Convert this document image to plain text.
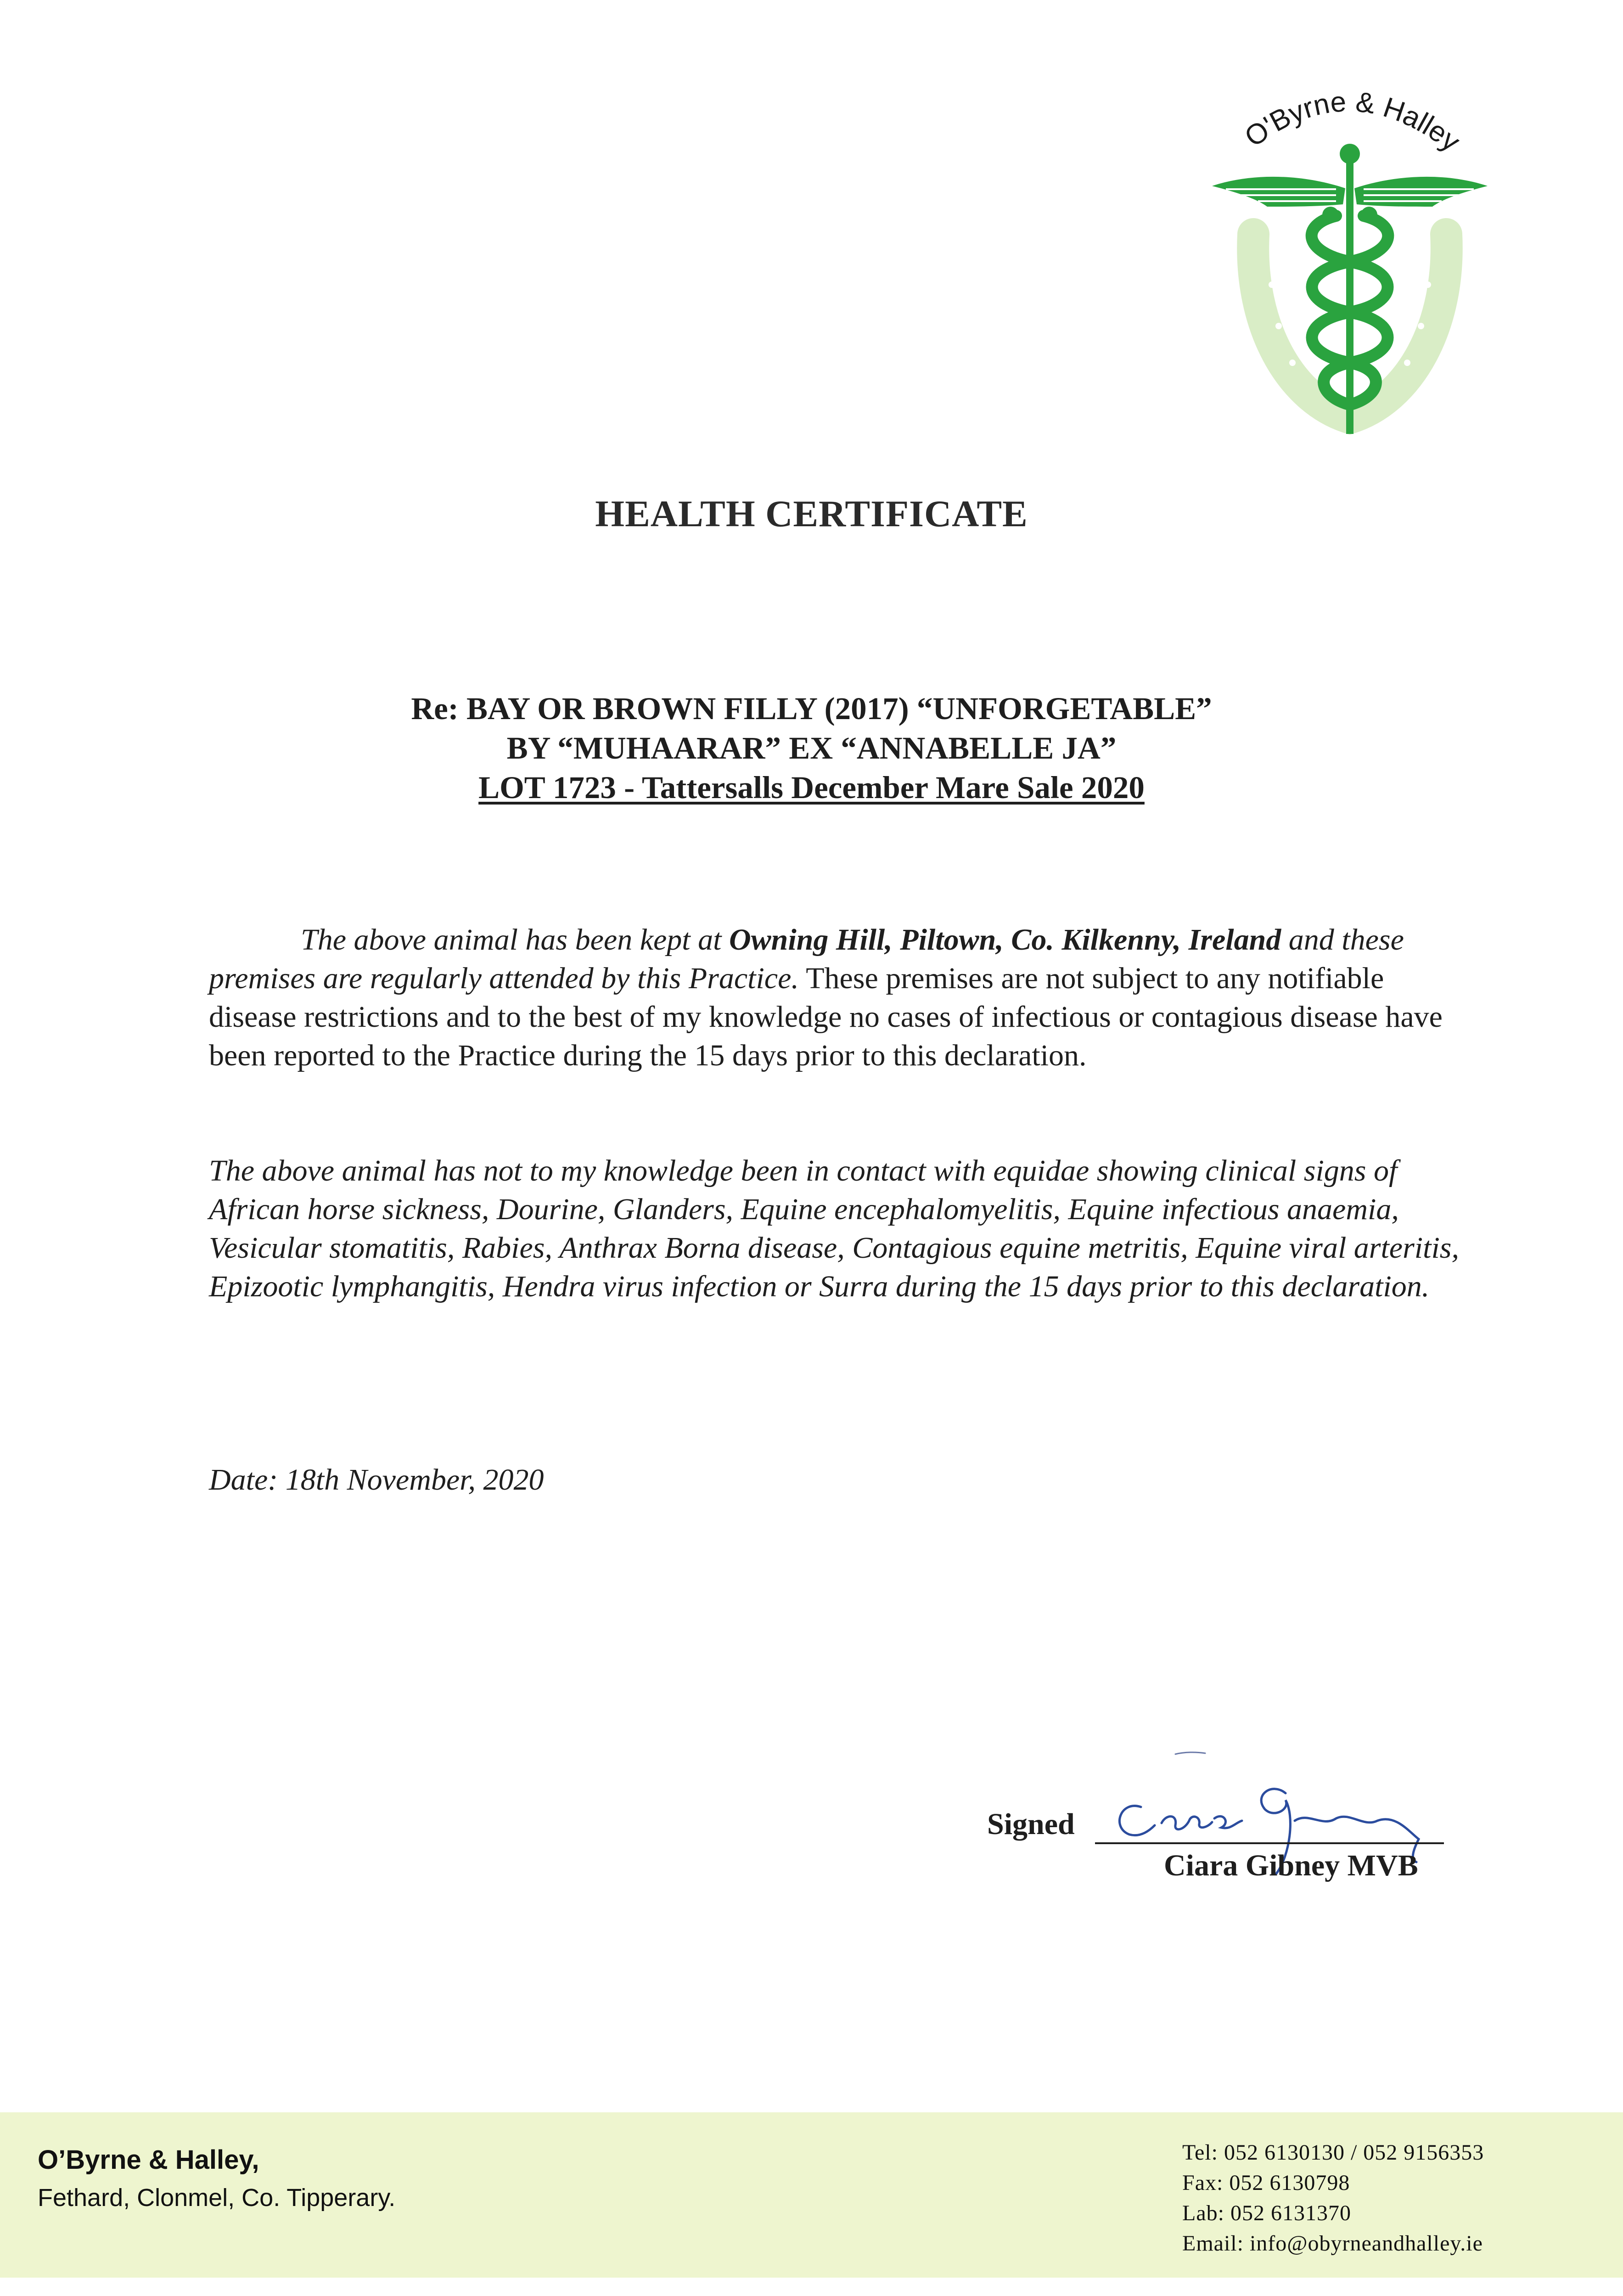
O'Byrne & Halley
HEALTH CERTIFICATE
Re: BAY OR BROWN FILLY (2017) “UNFORGETABLE”
BY “MUHAARAR” EX “ANNABELLE JA”
LOT 1723 - Tattersalls December Mare Sale 2020
The above animal has been kept at Owning Hill, Piltown, Co. Kilkenny, Ireland and these premises are regularly attended by this Practice. These premises are not subject to any notifiable disease restrictions and to the best of my knowledge no cases of infectious or contagious disease have been reported to the Practice during the 15 days prior to this declaration.
The above animal has not to my knowledge been in contact with equidae showing clinical signs of African horse sickness, Dourine, Glanders, Equine encephalomyelitis, Equine infectious anaemia, Vesicular stomatitis, Rabies, Anthrax Borna disease, Contagious equine metritis, Equine viral arteritis, Epizootic lymphangitis, Hendra virus infection or Surra during the 15 days prior to this declaration.
Date: 18th November, 2020
Signed
Ciara Gibney MVB
O’Byrne & Halley,
Fethard, Clonmel, Co. Tipperary.
Tel: 052 6130130 / 052 9156353
Fax: 052 6130798
Lab: 052 6131370
Email: info@obyrneandhalley.ie
